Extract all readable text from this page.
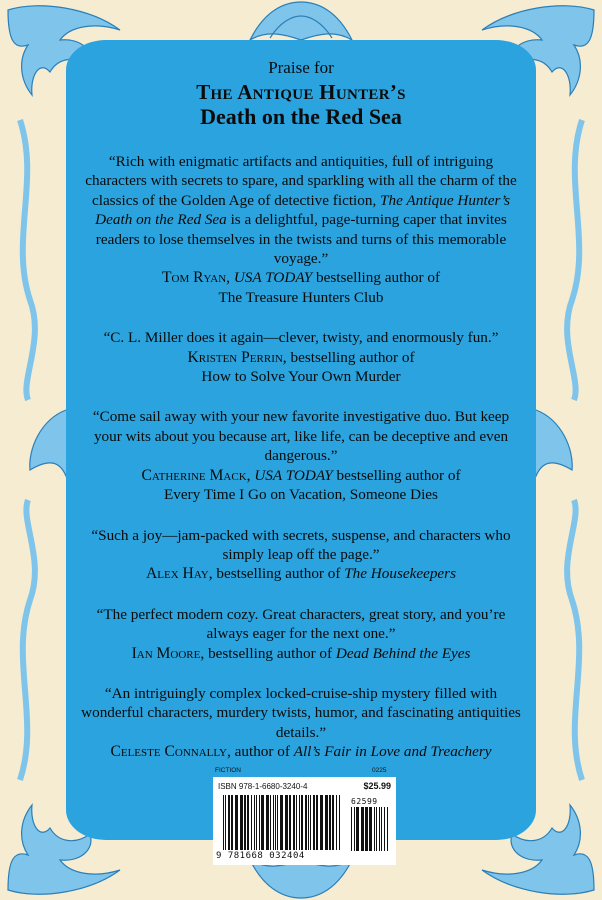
Praise for
The Antique Hunter’s
Death on the Red Sea
“Rich with enigmatic artifacts and antiquities, full of intriguing characters with secrets to spare, and sparkling with all the charm of the classics of the Golden Age of detective fiction, The Antique Hunter’s Death on the Red Sea is a delightful, page-turning caper that invites readers to lose themselves in the twists and turns of this memorable voyage.”
Tom Ryan, USA TODAY bestselling author of
The Treasure Hunters Club
“C. L. Miller does it again—clever, twisty, and enormously fun.”
Kristen Perrin, bestselling author of
How to Solve Your Own Murder
“Come sail away with your new favorite investigative duo. But keep your wits about you because art, like life, can be deceptive and even dangerous.”
Catherine Mack, USA TODAY bestselling author of
Every Time I Go on Vacation, Someone Dies
“Such a joy—jam-packed with secrets, suspense, and characters who simply leap off the page.”
Alex Hay, bestselling author of The Housekeepers
“The perfect modern cozy. Great characters, great story, and you’re always eager for the next one.”
Ian Moore, bestselling author of Dead Behind the Eyes
“An intriguingly complex locked-cruise-ship mystery filled with wonderful characters, murdery twists, humor, and fascinating antiquities details.”
Celeste Connally, author of All’s Fair in Love and Treachery
FICTION	0225
ISBN 978-1-6680-3240-4	$25.99
9 781668 032404
62599
